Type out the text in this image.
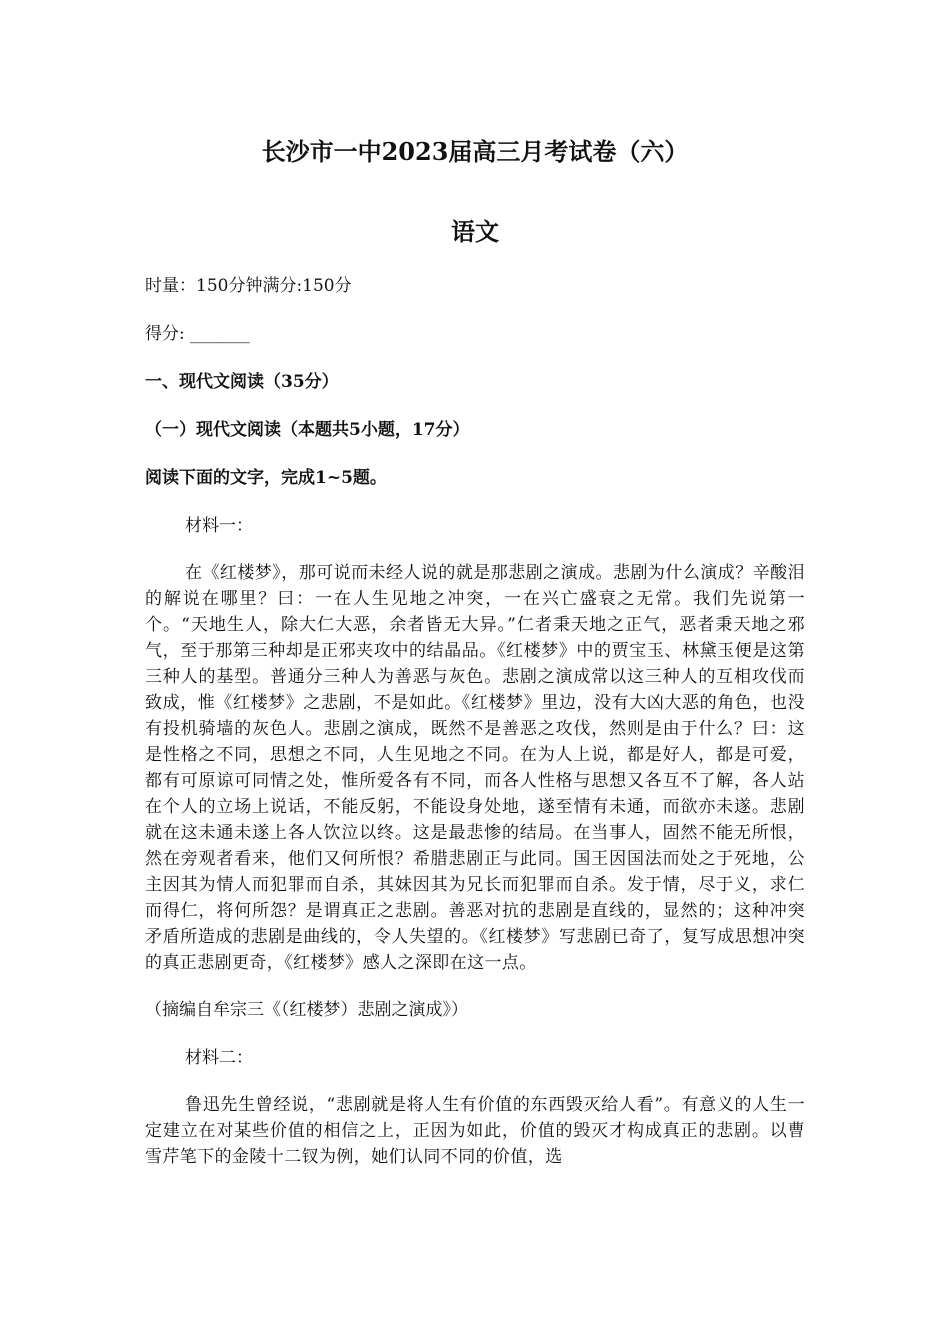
长沙市一中2023届高三月考试卷（六）
语文

时量：150分钟满分:150分

得分: _______

一、现代文阅读（35分）

（一）现代文阅读（本题共5小题，17分）

阅读下面的文字，完成1~5题。

材料一：

在《红楼梦》，那可说而未经人说的就是那悲剧之演成。悲剧为什么演成？辛酸泪的解说在哪里？曰：一在人生见地之冲突，一在兴亡盛衰之无常。我们先说第一个。“天地生人，除大仁大恶，余者皆无大异。”仁者秉天地之正气，恶者秉天地之邪气，至于那第三种却是正邪夹攻中的结晶品。《红楼梦》中的贾宝玉、林黛玉便是这第三种人的基型。普通分三种人为善恶与灰色。悲剧之演成常以这三种人的互相攻伐而致成，惟《红楼梦》之悲剧，不是如此。《红楼梦》里边，没有大凶大恶的角色，也没有投机骑墙的灰色人。悲剧之演成，既然不是善恶之攻伐，然则是由于什么？曰：这是性格之不同，思想之不同，人生见地之不同。在为人上说，都是好人，都是可爱，都有可原谅可同情之处，惟所爱各有不同，而各人性格与思想又各互不了解，各人站在个人的立场上说话，不能反躬，不能设身处地，遂至情有未通，而欲亦未遂。悲剧就在这未通未遂上各人饮泣以终。这是最悲惨的结局。在当事人，固然不能无所恨，然在旁观者看来，他们又何所恨？希腊悲剧正与此同。国王因国法而处之于死地，公主因其为情人而犯罪而自杀，其妹因其为兄长而犯罪而自杀。发于情，尽于义，求仁而得仁，将何所怨？是谓真正之悲剧。善恶对抗的悲剧是直线的，显然的；这种冲突矛盾所造成的悲剧是曲线的，令人失望的。《红楼梦》写悲剧已奇了，复写成思想冲突的真正悲剧更奇，《红楼梦》感人之深即在这一点。

（摘编自牟宗三《（红楼梦）悲剧之演成》）

材料二：

鲁迅先生曾经说，“悲剧就是将人生有价值的东西毁灭给人看”。有意义的人生一定建立在对某些价值的相信之上，正因为如此，价值的毁灭才构成真正的悲剧。以曹雪芹笔下的金陵十二钗为例，她们认同不同的价值，选
